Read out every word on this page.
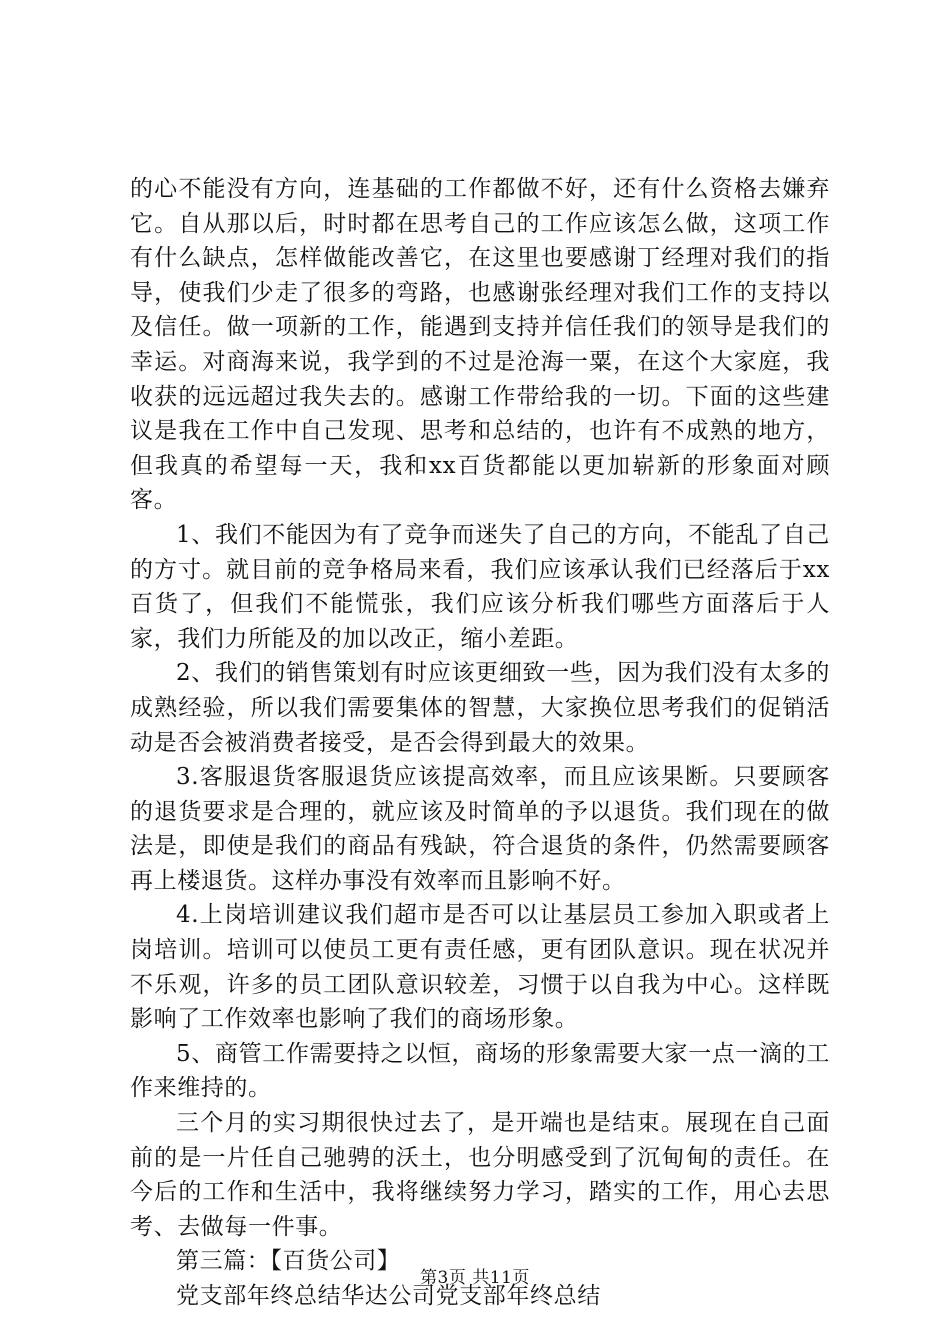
的心不能没有方向，连基础的工作都做不好，还有什么资格去嫌弃它。自从那以后，时时都在思考自己的工作应该怎么做，这项工作有什么缺点，怎样做能改善它，在这里也要感谢丁经理对我们的指导，使我们少走了很多的弯路，也感谢张经理对我们工作的支持以及信任。做一项新的工作，能遇到支持并信任我们的领导是我们的幸运。对商海来说，我学到的不过是沧海一粟，在这个大家庭，我收获的远远超过我失去的。感谢工作带给我的一切。下面的这些建议是我在工作中自己发现、思考和总结的，也许有不成熟的地方，但我真的希望每一天，我和xx百货都能以更加崭新的形象面对顾客。

1、我们不能因为有了竞争而迷失了自己的方向，不能乱了自己的方寸。就目前的竞争格局来看，我们应该承认我们已经落后于xx百货了，但我们不能慌张，我们应该分析我们哪些方面落后于人家，我们力所能及的加以改正，缩小差距。

2、我们的销售策划有时应该更细致一些，因为我们没有太多的成熟经验，所以我们需要集体的智慧，大家换位思考我们的促销活动是否会被消费者接受，是否会得到最大的效果。

3.客服退货客服退货应该提高效率，而且应该果断。只要顾客的退货要求是合理的，就应该及时简单的予以退货。我们现在的做法是，即使是我们的商品有残缺，符合退货的条件，仍然需要顾客再上楼退货。这样办事没有效率而且影响不好。

4.上岗培训建议我们超市是否可以让基层员工参加入职或者上岗培训。培训可以使员工更有责任感，更有团队意识。现在状况并不乐观，许多的员工团队意识较差，习惯于以自我为中心。这样既影响了工作效率也影响了我们的商场形象。

5、商管工作需要持之以恒，商场的形象需要大家一点一滴的工作来维持的。

三个月的实习期很快过去了，是开端也是结束。展现在自己面前的是一片任自己驰骋的沃土，也分明感受到了沉甸甸的责任。在今后的工作和生活中，我将继续努力学习，踏实的工作，用心去思考、去做每一件事。

第三篇：【百货公司】

党支部年终总结华达公司党支部年终总结

第3页 共11页
